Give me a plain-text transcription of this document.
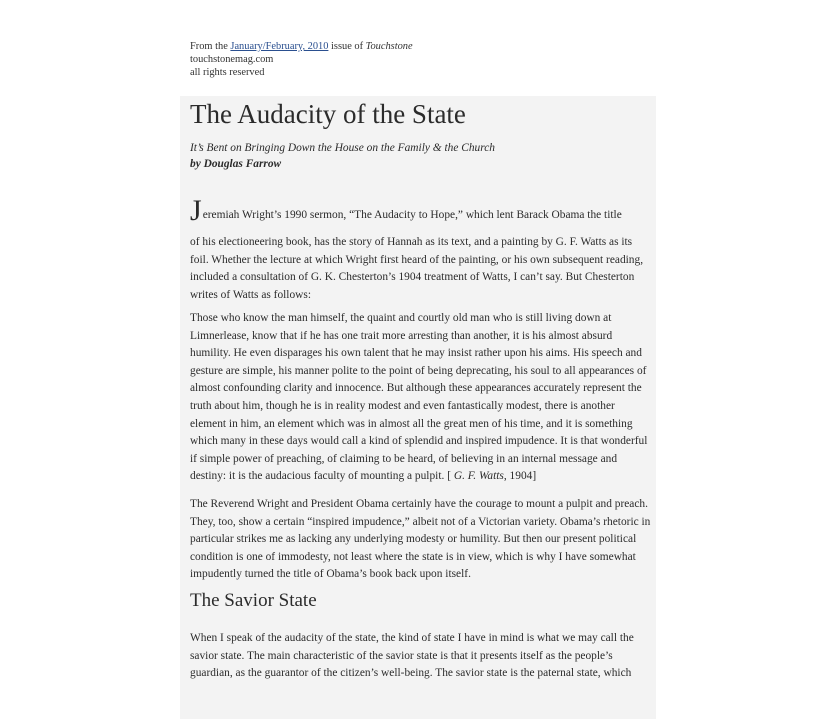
From the January/February, 2010 issue of Touchstone
touchstonemag.com
all rights reserved
The Audacity of the State
It’s Bent on Bringing Down the House on the Family & the Church
by Douglas Farrow
Jeremiah Wright’s 1990 sermon, “The Audacity to Hope,” which lent Barack Obama the title

of his electioneering book, has the story of Hannah as its text, and a painting by G. F. Watts as its foil. Whether the lecture at which Wright first heard of the painting, or his own subsequent reading, included a consultation of G. K. Chesterton’s 1904 treatment of Watts, I can’t say. But Chesterton writes of Watts as follows:

Those who know the man himself, the quaint and courtly old man who is still living down at Limnerlease, know that if he has one trait more arresting than another, it is his almost absurd humility. He even disparages his own talent that he may insist rather upon his aims. His speech and gesture are simple, his manner polite to the point of being deprecating, his soul to all appearances of almost confounding clarity and innocence. But although these appearances accurately represent the truth about him, though he is in reality modest and even fantastically modest, there is another element in him, an element which was in almost all the great men of his time, and it is something which many in these days would call a kind of splendid and inspired impudence. It is that wonderful if simple power of preaching, of claiming to be heard, of believing in an internal message and destiny: it is the audacious faculty of mounting a pulpit. [ G. F. Watts, 1904]

The Reverend Wright and President Obama certainly have the courage to mount a pulpit and preach. They, too, show a certain “inspired impudence,” albeit not of a Victorian variety. Obama’s rhetoric in particular strikes me as lacking any underlying modesty or humility. But then our present political condition is one of immodesty, not least where the state is in view, which is why I have somewhat impudently turned the title of Obama’s book back upon itself.

The Savior State

When I speak of the audacity of the state, the kind of state I have in mind is what we may call the savior state. The main characteristic of the savior state is that it presents itself as the people’s guardian, as the guarantor of the citizen’s well-being. The savior state is the paternal state, which
